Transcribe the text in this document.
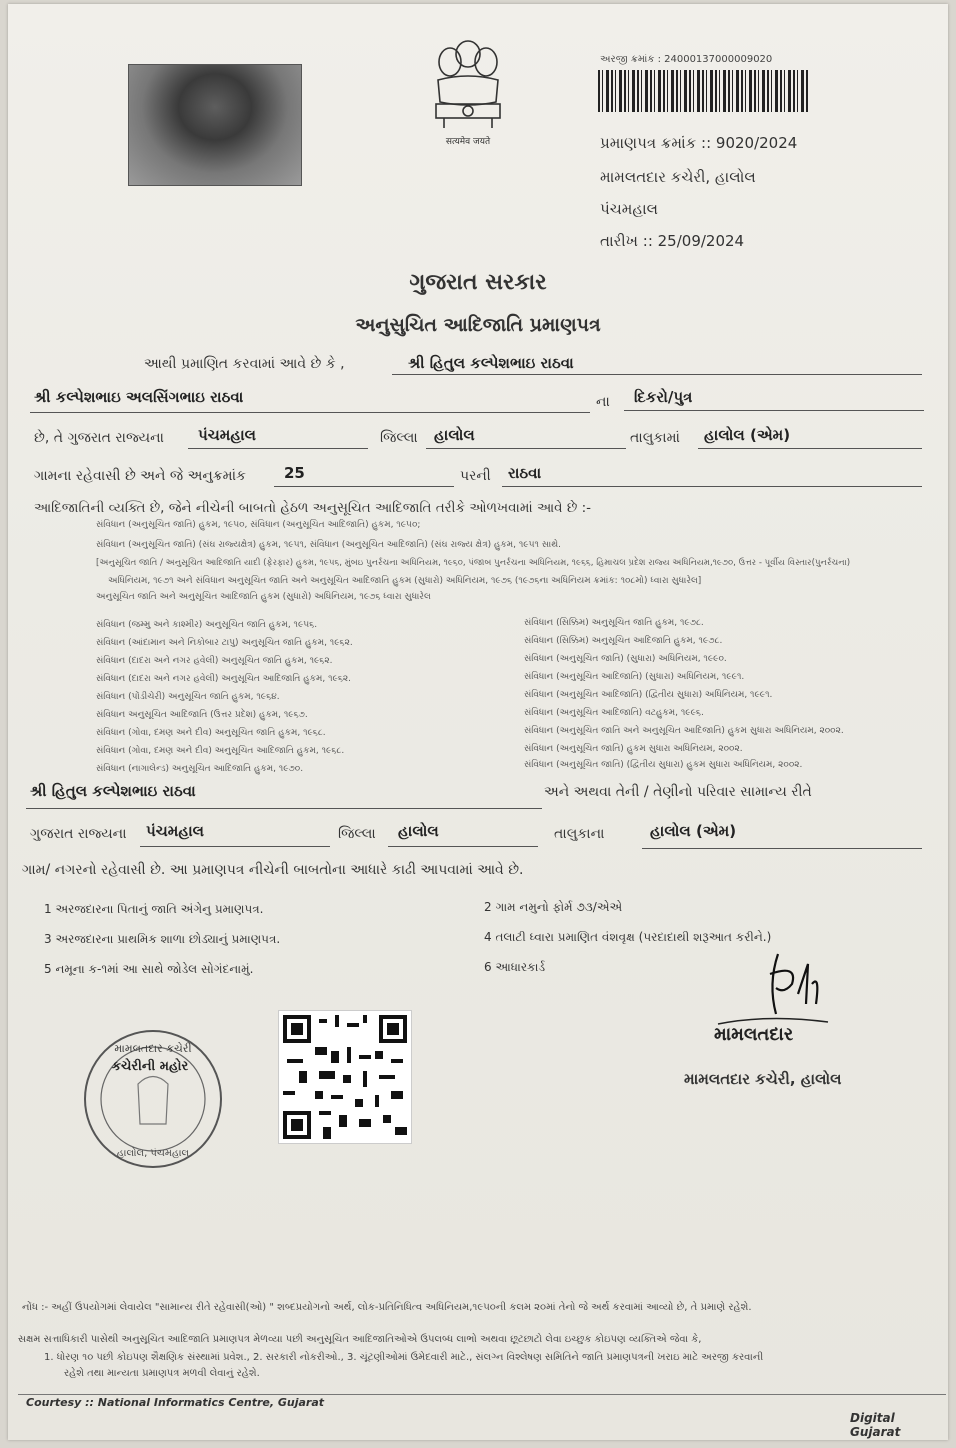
सत्यमेव जयते
અરજી ક્રમાંક : 24000137000009020
પ્રમાણપત્ર ક્રમાંક :: 9020/2024
મામલતદાર કચેરી, હાલોલ
પંચમહાલ
તારીખ :: 25/09/2024
ગુજરાત સરકાર
અનુસુચિત આદિજાતિ પ્રમાણપત્ર
આથી પ્રમાણિત કરવામાં આવે છે કે ,	શ્રી હિતુલ કલ્પેશભાઇ રાઠવા
શ્રી કલ્પેશભાઇ અલસિંગભાઇ રાઠવા	ના દિકરો/પુત્ર
છે, તે ગુજરાત રાજ્યના પંચમહાલ	જિલ્લા હાલોલ	તાલુકામાં હાલોલ (એમ)
ગામના રહેવાસી છે અને જે અનુક્રમાંક	25	પરની રાઠવા
આદિજાતિની વ્યક્તિ છે, જેને નીચેની બાબતો હેઠળ અનુસૂચિત આદિજાતિ તરીકે ઓળખવામાં આવે છે :-
સંવિધાન (અનુસૂચિત જાતિ) હુકમ, ૧૯૫૦, સંવિધાન (અનુસૂચિત આદિજાતિ) હુકમ, ૧૯૫૦;
સંવિધાન (અનુસૂચિત જાતિ) (સંઘ રાજ્યક્ષેત્ર) હુકમ, ૧૯૫૧, સંવિધાન (અનુસૂચિત આદિજાતિ) (સંઘ રાજ્ય ક્ષેત્ર) હુકમ, ૧૯૫૧ સાથે.
[અનુસૂચિત જાતિ / અનુસૂચિત આદિજાતિ યાદી (ફેરફાર) હુકમ, ૧૯૫૬, મુંબઇ પુનર્રચના અધિનિયમ, ૧૯૬૦, પંજાબ પુનર્રચના અધિનિયમ, ૧૯૬૬, હિમાચલ પ્રદેશ રાજ્ય અધિનિયમ,૧૯૭૦, ઉત્તર - પૂર્વીય વિસ્તાર(પુનર્રચના)
અધિનિયમ, ૧૯૭૧ અને સંવિધાન અનુસૂચિત જાતિ અને અનુસૂચિત આદિજાતિ હુકમ (સુધારો) અધિનિયમ, ૧૯૭૬ (૧૯૭૬ના અધિનિયમ ક્રમાંક: ૧૦૮મો) ધ્વારા સુધારેલ]
અનુસૂચિત જાતિ અને અનુસૂચિત આદિજાતિ હુકમ (સુધારો) અધિનિયમ, ૧૯૭૬ ધ્વારા સુધારેલ
સંવિધાન (જમ્મુ અને કાશ્મીર) અનુસૂચિત જાતિ હુકમ, ૧૯૫૬.
સંવિધાન (આંદામાન અને નિકોબાર ટાપુ) અનુસૂચિત જાતિ હુકમ, ૧૯૬૨.
સંવિધાન (દાદરા અને નગર હવેલી) અનુસૂચિત જાતિ હુકમ, ૧૯૬૨.
સંવિધાન (દાદરા અને નગર હવેલી) અનુસૂચિત આદિજાતિ હુકમ, ૧૯૬૨.
સંવિધાન (પોંડીચેરી) અનુસૂચિત જાતિ હુકમ, ૧૯૬૪.
સંવિધાન અનુસૂચિત આદિજાતિ (ઉત્તર પ્રદેશ) હુકમ, ૧૯૬૭.
સંવિધાન (ગોવા, દમણ અને દીવ) અનુસૂચિત જાતિ હુકમ, ૧૯૬૮.
સંવિધાન (ગોવા, દમણ અને દીવ) અનુસૂચિત આદિજાતિ હુકમ, ૧૯૬૮.
સંવિધાન (નાગાલેન્ડ) અનુસૂચિત આદિજાતિ હુકમ, ૧૯૭૦.
સંવિધાન (સિક્કિમ) અનુસૂચિત જાતિ હુકમ, ૧૯૭૮.
સંવિધાન (સિક્કિમ) અનુસૂચિત આદિજાતિ હુકમ, ૧૯૭૮.
સંવિધાન (અનુસૂચિત જાતિ) (સુધારા) અધિનિયમ, ૧૯૯૦.
સંવિધાન (અનુસૂચિત આદિજાતિ) (સુધારા) અધિનિયમ, ૧૯૯૧.
સંવિધાન (અનુસૂચિત આદિજાતિ) (દ્વિતીય સુધારા) અધિનિયમ, ૧૯૯૧.
સંવિધાન (અનુસૂચિત આદિજાતિ) વટહુકમ, ૧૯૯૬.
સંવિધાન (અનુસૂચિત જાતિ અને અનુસૂચિત આદિજાતિ) હુકમ સુધારા અધિનિયમ, ૨૦૦૨.
સંવિધાન (અનુસૂચિત જાતિ) હુકમ સુધારા અધિનિયમ, ૨૦૦૨.
સંવિધાન (અનુસૂચિત જાતિ) (દ્વિતીય સુધારા) હુકમ સુધારા અધિનિયમ, ૨૦૦૨.
શ્રી હિતુલ કલ્પેશભાઇ રાઠવા	અને અથવા તેની / તેણીનો પરિવાર સામાન્ય રીતે
ગુજરાત રાજ્યના પંચમહાલ	જિલ્લા હાલોલ	તાલુકાના	હાલોલ (એમ)
ગામ/ નગરનો રહેવાસી છે. આ પ્રમાણપત્ર નીચેની બાબતોના આધારે કાઢી આપવામાં આવે છે.
1 અરજદારના પિતાનું જાતિ અંગેનુ પ્રમાણપત્ર.
3 અરજદારના પ્રાથમિક શાળા છોડ્યાનું પ્રમાણપત્ર.
5 નમૂના ક-૧માં આ સાથે જોડેલ સોગંદનામું.
2 ગામ નમુનો ફોર્મ ૭૩/એએ
4 તલાટી ધ્વારા પ્રમાણિત વંશવૃક્ષ (પરદાદાથી શરૂઆત કરીને.)
6 આધારકાર્ડ
મામલતદાર કચેરી
કચેરીની મહોર
હાલોલ, પંચમહાલ
મામલતદાર
મામલતદાર કચેરી, હાલોલ
નોંધ :- અહીં ઉપયોગમાં લેવાયેલ "સામાન્ય રીતે રહેવાસી(ઓ) " શબ્દપ્રયોગનો અર્થ, લોક-પ્રતિનિધિત્વ અધિનિયમ,૧૯૫૦ની કલમ ૨૦માં તેનો જે અર્થ કરવામાં આવ્યો છે, તે પ્રમાણે રહેશે.
સક્ષમ સત્તાધિકારી પાસેથી અનુસૂચિત આદિજાતિ પ્રમાણપત્ર મેળવ્યા પછી અનુસૂચિત આદિજાતિઓએ ઉપલબ્ધ લાભો અથવા છૂટછાટો લેવા ઇચ્છુક કોઇપણ વ્યક્તિએ જેવા કે,
1. ધોરણ ૧૦ પછી કોઇપણ શૈક્ષણિક સંસ્થામાં પ્રવેશ., 2. સરકારી નોકરીઓ., 3. ચૂંટણીઓમાં ઉમેદવારી માટે., સંલગ્ન વિશ્લેષણ સમિતિને જાતિ પ્રમાણપત્રની ખરાઇ માટે અરજી કરવાની
રહેશે તથા માન્યતા પ્રમાણપત્ર મળવી લેવાનું રહેશે.
Courtesy :: National Informatics Centre, Gujarat
Digital Gujarat
